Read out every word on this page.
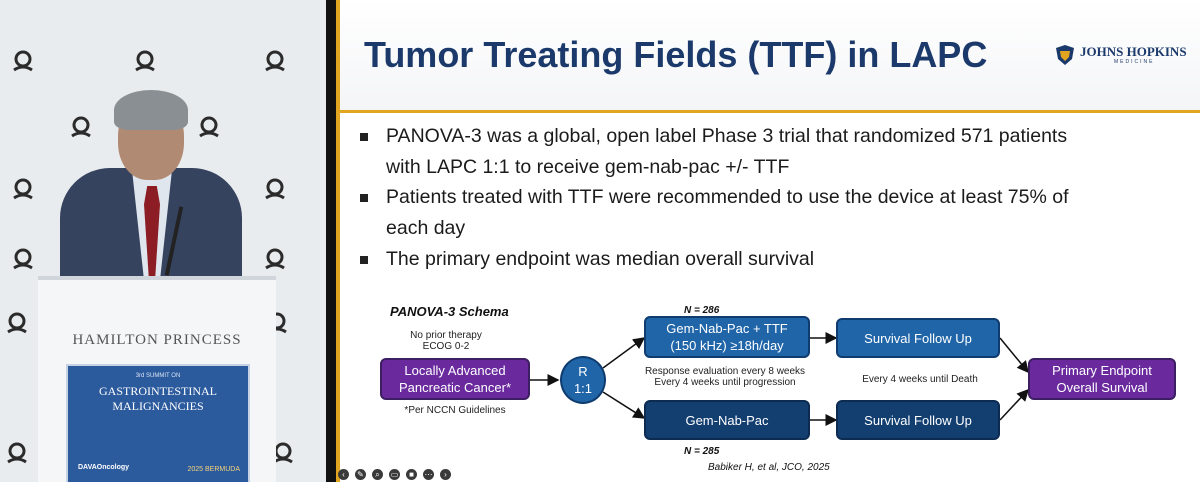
HAMILTON PRINCESS
3rd SUMMIT ON
GASTROINTESTINAL
MALIGNANCIES
DAVAOncology	2025 BERMUDA
Tumor Treating Fields (TTF) in LAPC	JOHNS HOPKINS
MEDICINE
PANOVA-3 was a global, open label Phase 3 trial that randomized 571 patients
with LAPC 1:1 to receive gem-nab-pac +/- TTF
Patients treated with TTF were recommended to use the device at least 75% of
each day
The primary endpoint was median overall survival
PANOVA-3 Schema
No prior therapy
ECOG 0-2
Locally Advanced
Pancreatic Cancer*
*Per NCCN Guidelines
R
1:1
N = 286
Gem-Nab-Pac + TTF
(150 kHz) ≥18h/day
Response evaluation every 8 weeks
Every 4 weeks until progression
Gem-Nab-Pac
N = 285
Survival Follow Up
Every 4 weeks until Death
Survival Follow Up
Primary Endpoint
Overall Survival
Babiker H, et al, JCO, 2025
‹	✎	⌕	▭	■	⋯	›
